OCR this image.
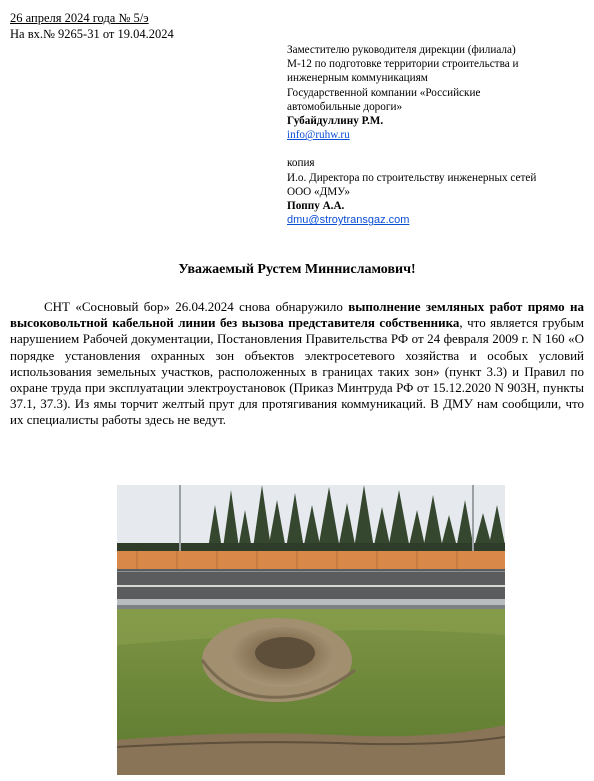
26 апреля 2024 года № 5/э
На вх.№ 9265-31 от 19.04.2024
Заместителю руководителя дирекции (филиала)
М-12 по подготовке территории строительства и
инженерным коммуникациям
Государственной компании «Российские
автомобильные дороги»
Губайдуллину Р.М.
info@ruhw.ru
копия
И.о. Директора по строительству инженерных сетей
ООО «ДМУ»
Поппу А.А.
dmu@stroytransgaz.com
Уважаемый Рустем Миннисламович!

СНТ «Сосновый бор» 26.04.2024 снова обнаружило выполнение земляных работ прямо на высоковольтной кабельной линии без вызова представителя собственника, что является грубым нарушением Рабочей документации, Постановления Правительства РФ от 24 февраля 2009 г. N 160 «О порядке установления охранных зон объектов электросетевого хозяйства и особых условий использования земельных участков, расположенных в границах таких зон» (пункт 3.3) и Правил по охране труда при эксплуатации электроустановок (Приказ Минтруда РФ от 15.12.2020 N 903Н, пункты 37.1, 37.3). Из ямы торчит желтый прут для протягивания коммуникаций. В ДМУ нам сообщили, что их специалисты работы здесь не ведут.
